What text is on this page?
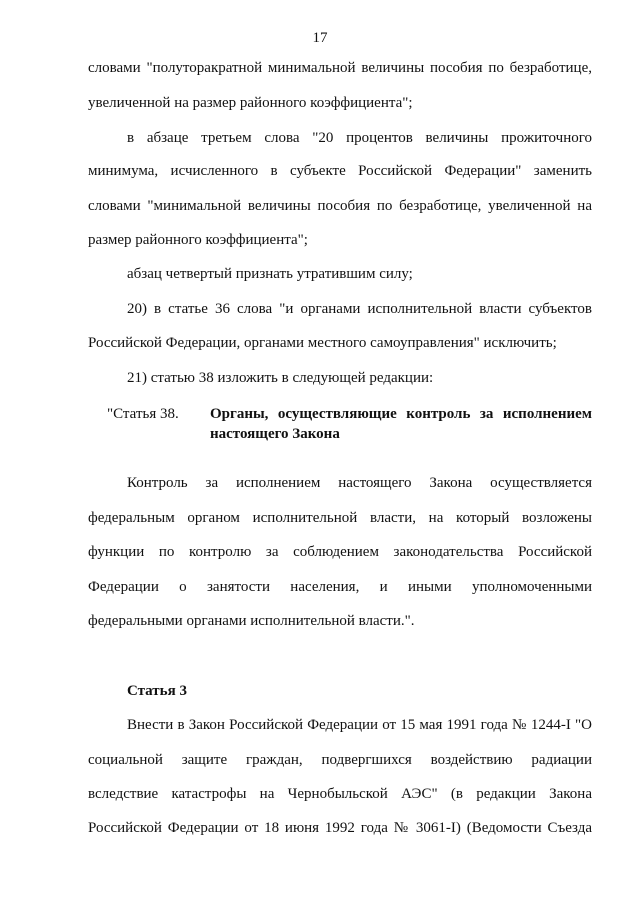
17
словами "полуторакратной минимальной величины пособия по безработице,
увеличенной на размер районного коэффициента";
в абзаце третьем слова "20 процентов величины прожиточного
минимума, исчисленного в субъекте Российской Федерации" заменить
словами "минимальной величины пособия по безработице, увеличенной на
размер районного коэффициента";
абзац четвертый признать утратившим силу;
20) в статье 36 слова "и органами исполнительной власти субъектов
Российской Федерации, органами местного самоуправления" исключить;
21) статью 38 изложить в следующей редакции:
"Статья 38. Органы, осуществляющие контроль за исполнением
настоящего Закона
Контроль за исполнением настоящего Закона осуществляется
федеральным органом исполнительной власти, на который возложены
функции по контролю за соблюдением законодательства Российской
Федерации о занятости населения, и иными уполномоченными
федеральными органами исполнительной власти.".
Статья 3
Внести в Закон Российской Федерации от 15 мая 1991 года № 1244-I "О
социальной защите граждан, подвергшихся воздействию радиации
вследствие катастрофы на Чернобыльской АЭС" (в редакции Закона
Российской Федерации от 18 июня 1992 года № 3061-I) (Ведомости Съезда
